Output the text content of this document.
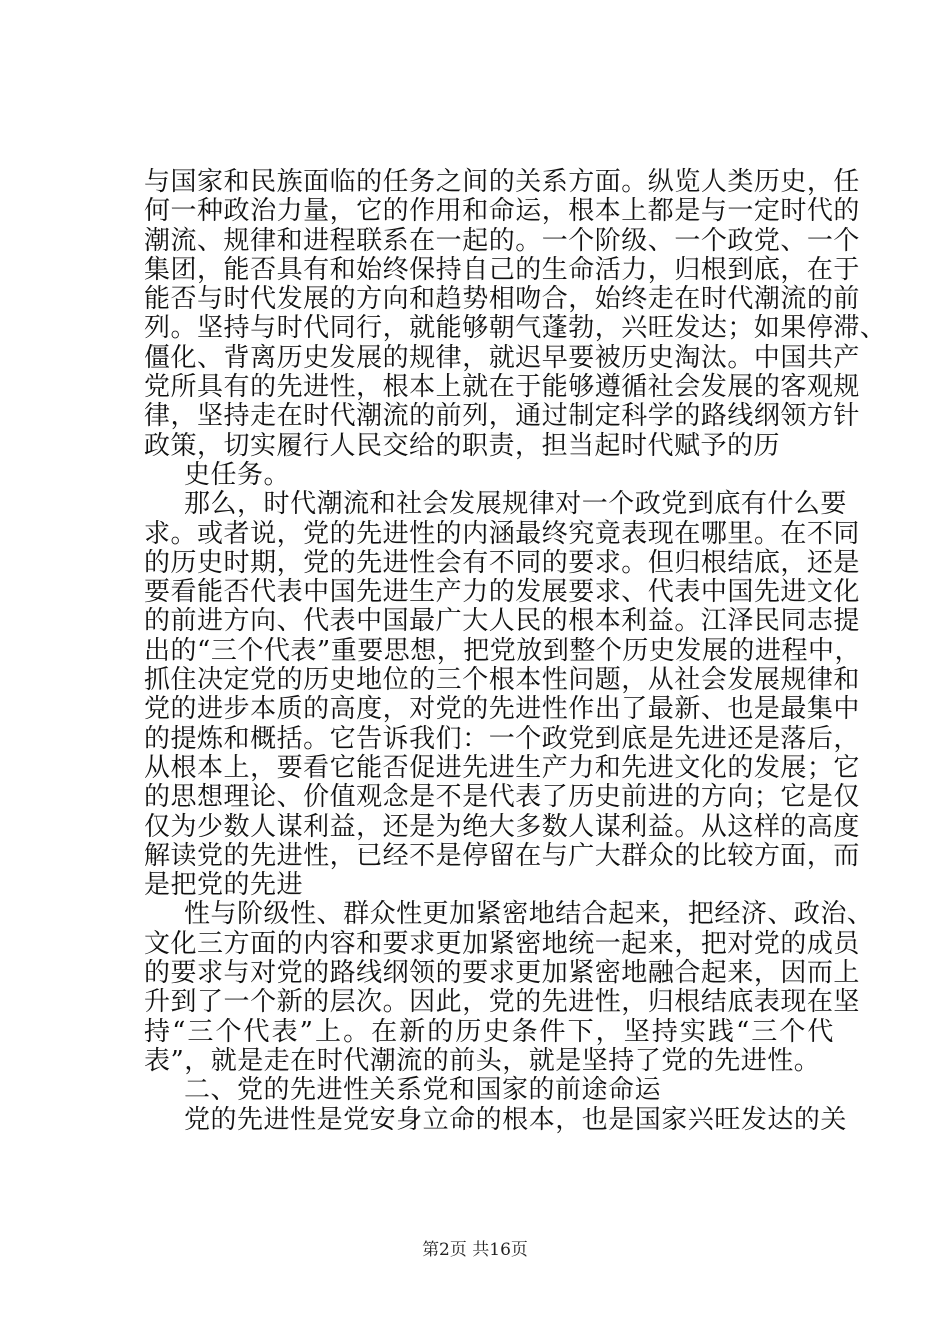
与 国 家 和 民 族 面 临 的 任 务 之 间 的 关 系 方 面 。 纵 览 人 类 历 史 ， 任
何 一 种 政 治 力 量 ， 它 的 作 用 和 命 运 ， 根 本 上 都 是 与 一 定 时 代 的
潮 流 、 规 律 和 进 程 联 系 在 一 起 的 。 一 个 阶 级 、 一 个 政 党 、 一 个
集 团 ， 能 否 具 有 和 始 终 保 持 自 己 的 生 命 活 力 ， 归 根 到 底 ， 在 于
能 否 与 时 代 发 展 的 方 向 和 趋 势 相 吻 合 ， 始 终 走 在 时 代 潮 流 的 前
列 。 坚 持 与 时 代 同 行 ， 就 能 够 朝 气 蓬 勃 ， 兴 旺 发 达 ； 如 果 停 滞 、
僵 化 、 背 离 历 史 发 展 的 规 律 ， 就 迟 早 要 被 历 史 淘 汰 。 中 国 共 产
党 所 具 有 的 先 进 性 ， 根 本 上 就 在 于 能 够 遵 循 社 会 发 展 的 客 观 规
律 ， 坚 持 走 在 时 代 潮 流 的 前 列 ， 通 过 制 定 科 学 的 路 线 纲 领 方 针
政策，切实履行人民交给的职责，担当起时代赋予的历
史任务。
那 么 ， 时 代 潮 流 和 社 会 发 展 规 律 对 一 个 政 党 到 底 有 什 么 要
求 。 或 者 说 ， 党 的 先 进 性 的 内 涵 最 终 究 竟 表 现 在 哪 里 。 在 不 同
的 历 史 时 期 ， 党 的 先 进 性 会 有 不 同 的 要 求 。 但 归 根 结 底 ， 还 是
要 看 能 否 代 表 中 国 先 进 生 产 力 的 发 展 要 求 、 代 表 中 国 先 进 文 化
的 前 进 方 向 、 代 表 中 国 最 广 大 人 民 的 根 本 利 益 。 江 泽 民 同 志 提
出 的 “ 三 个 代 表 ” 重 要 思 想 ， 把 党 放 到 整 个 历 史 发 展 的 进 程 中 ，
抓 住 决 定 党 的 历 史 地 位 的 三 个 根 本 性 问 题 ， 从 社 会 发 展 规 律 和
党 的 进 步 本 质 的 高 度 ， 对 党 的 先 进 性 作 出 了 最 新 、 也 是 最 集 中
的 提 炼 和 概 括 。 它 告 诉 我 们 ： 一 个 政 党 到 底 是 先 进 还 是 落 后 ，
从 根 本 上 ， 要 看 它 能 否 促 进 先 进 生 产 力 和 先 进 文 化 的 发 展 ； 它
的 思 想 理 论 、 价 值 观 念 是 不 是 代 表 了 历 史 前 进 的 方 向 ； 它 是 仅
仅 为 少 数 人 谋 利 益 ， 还 是 为 绝 大 多 数 人 谋 利 益 。 从 这 样 的 高 度
解 读 党 的 先 进 性 ， 已 经 不 是 停 留 在 与 广 大 群 众 的 比 较 方 面 ， 而
是把党的先进
性 与 阶 级 性 、 群 众 性 更 加 紧 密 地 结 合 起 来 ， 把 经 济 、 政 治 、
文 化 三 方 面 的 内 容 和 要 求 更 加 紧 密 地 统 一 起 来 ， 把 对 党 的 成 员
的 要 求 与 对 党 的 路 线 纲 领 的 要 求 更 加 紧 密 地 融 合 起 来 ， 因 而 上
升 到 了 一 个 新 的 层 次 。 因 此 ， 党 的 先 进 性 ， 归 根 结 底 表 现 在 坚
持 “ 三 个 代 表 ” 上 。 在 新 的 历 史 条 件 下 ， 坚 持 实 践 “ 三 个 代
表”，就是走在时代潮流的前头，就是坚持了党的先进性。
二、党的先进性关系党和国家的前途命运
党 的 先 进 性 是 党 安 身 立 命 的 根 本 ， 也 是 国 家 兴 旺 发 达 的 关
第2页 共16页
